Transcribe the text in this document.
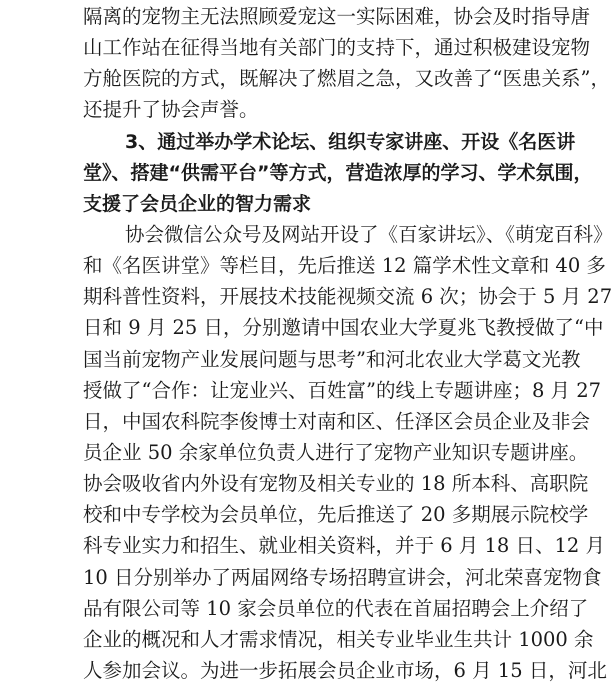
隔离的宠物主无法照顾爱宠这一实际困难，协会及时指导唐
山工作站在征得当地有关部门的支持下，通过积极建设宠物
方舱医院的方式，既解决了燃眉之急，又改善了“医患关系”，
还提升了协会声誉。
3、通过举办学术论坛、组织专家讲座、开设《名医讲
堂》、搭建“供需平台”等方式，营造浓厚的学习、学术氛围，
支援了会员企业的智力需求
协会微信公众号及网站开设了《百家讲坛》、《萌宠百科》
和《名医讲堂》等栏目，先后推送 12 篇学术性文章和 40 多
期科普性资料，开展技术技能视频交流 6 次；协会于 5 月 27
日和 9 月 25 日，分别邀请中国农业大学夏兆飞教授做了“中
国当前宠物产业发展问题与思考”和河北农业大学葛文光教
授做了“合作：让宠业兴、百姓富”的线上专题讲座；8 月 27
日，中国农科院李俊博士对南和区、任泽区会员企业及非会
员企业 50 余家单位负责人进行了宠物产业知识专题讲座。
协会吸收省内外设有宠物及相关专业的 18 所本科、高职院
校和中专学校为会员单位，先后推送了 20 多期展示院校学
科专业实力和招生、就业相关资料，并于 6 月 18 日、12 月
10 日分别举办了两届网络专场招聘宣讲会，河北荣喜宠物食
品有限公司等 10 家会员单位的代表在首届招聘会上介绍了
企业的概况和人才需求情况，相关专业毕业生共计 1000 余
人参加会议。为进一步拓展会员企业市场，6 月 15 日，河北
